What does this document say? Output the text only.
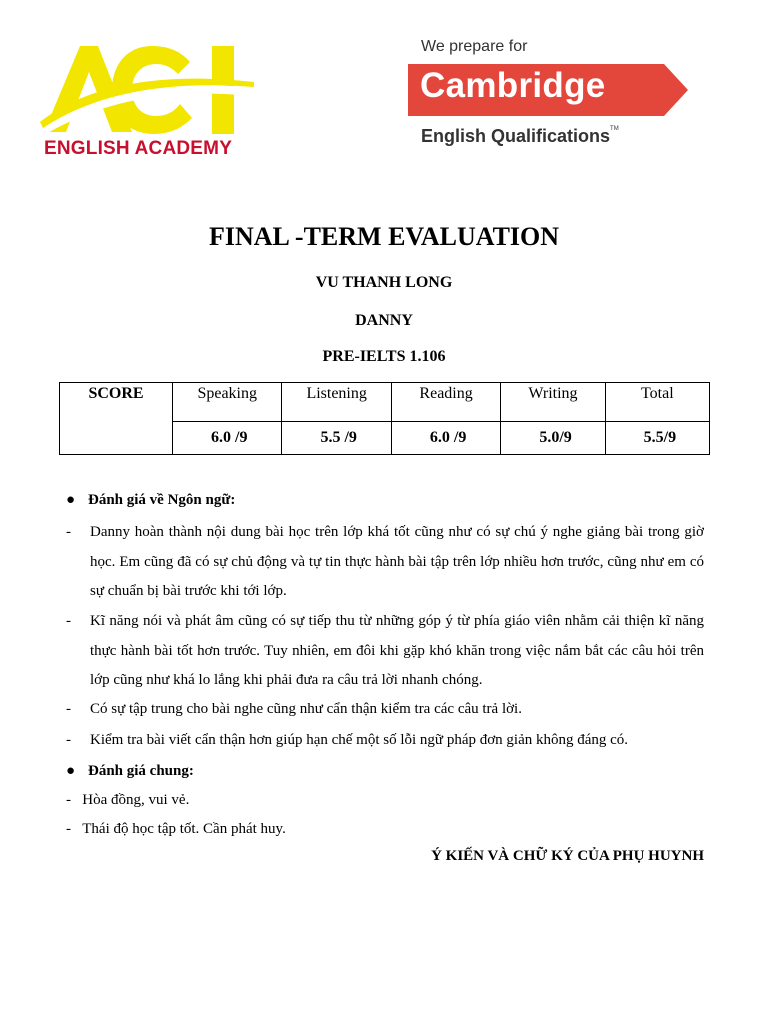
ACI
ENGLISH ACADEMY
We prepare for
Cambridge
English Qualifications™
FINAL -TERM EVALUATION
VU THANH LONG
DANNY
PRE-IELTS 1.106
SCORE	Speaking	Listening	Reading	Writing	Total
	6.0 /9	5.5 /9	6.0 /9	5.0/9	5.5/9
● Đánh giá về Ngôn ngữ:
- Danny hoàn thành nội dung bài học trên lớp khá tốt cũng như có sự chú ý nghe giảng bài trong giờ học. Em cũng đã có sự chủ động và tự tin thực hành bài tập trên lớp nhiều hơn trước, cũng như em có sự chuẩn bị bài trước khi tới lớp.
- Kĩ năng nói và phát âm cũng có sự tiếp thu từ những góp ý từ phía giáo viên nhằm cải thiện kĩ năng thực hành bài tốt hơn trước. Tuy nhiên, em đôi khi gặp khó khăn trong việc nắm bắt các câu hỏi trên lớp cũng như khá lo lắng khi phải đưa ra câu trả lời nhanh chóng.
- Có sự tập trung cho bài nghe cũng như cẩn thận kiểm tra các câu trả lời.
- Kiểm tra bài viết cẩn thận hơn giúp hạn chế một số lỗi ngữ pháp đơn giản không đáng có.
● Đánh giá chung:
- Hòa đồng, vui vẻ.
- Thái độ học tập tốt. Cần phát huy.
Ý KIẾN VÀ CHỮ KÝ CỦA PHỤ HUYNH
